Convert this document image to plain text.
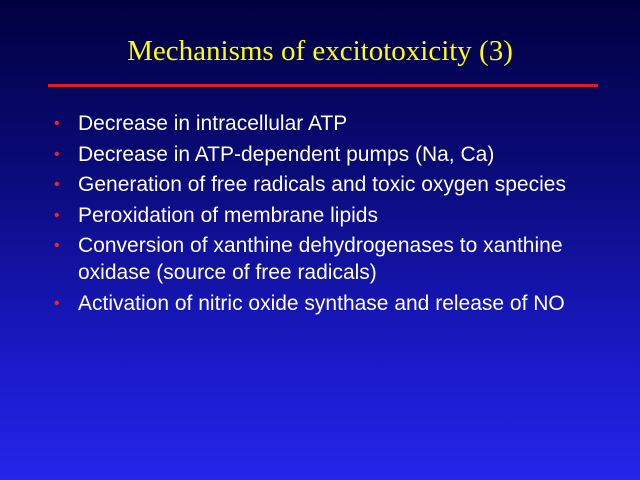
Mechanisms of excitotoxicity (3)
• Decrease in intracellular ATP
• Decrease in ATP-dependent pumps (Na, Ca)
• Generation of free radicals and toxic oxygen species
• Peroxidation of membrane lipids
• Conversion of xanthine dehydrogenases to xanthine oxidase (source of free radicals)
• Activation of nitric oxide synthase and release of NO
